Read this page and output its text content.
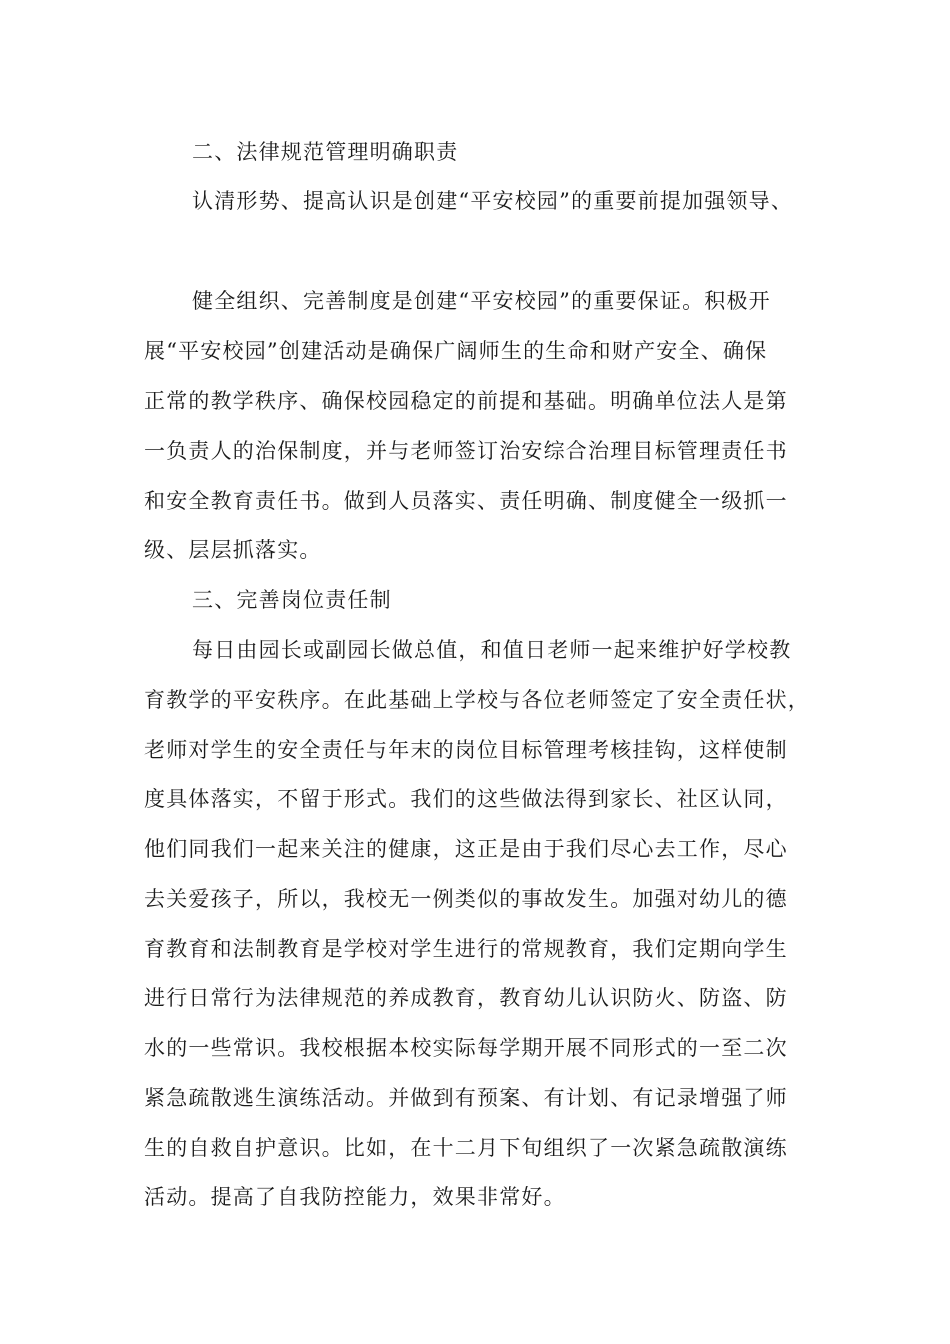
二、法律规范管理明确职责
认清形势、提高认识是创建“平安校园”的重要前提加强领导、
健全组织、完善制度是创建“平安校园”的重要保证。积极开
展“平安校园”创建活动是确保广阔师生的生命和财产安全、确保
正常的教学秩序、确保校园稳定的前提和基础。明确单位法人是第
一负责人的治保制度，并与老师签订治安综合治理目标管理责任书
和安全教育责任书。做到人员落实、责任明确、制度健全一级抓一
级、层层抓落实。
三、完善岗位责任制
每日由园长或副园长做总值，和值日老师一起来维护好学校教
育教学的平安秩序。在此基础上学校与各位老师签定了安全责任状，
老师对学生的安全责任与年末的岗位目标管理考核挂钩，这样使制
度具体落实，不留于形式。我们的这些做法得到家长、社区认同，
他们同我们一起来关注的健康，这正是由于我们尽心去工作，尽心
去关爱孩子，所以，我校无一例类似的事故发生。加强对幼儿的德
育教育和法制教育是学校对学生进行的常规教育，我们定期向学生
进行日常行为法律规范的养成教育，教育幼儿认识防火、防盗、防
水的一些常识。我校根据本校实际每学期开展不同形式的一至二次
紧急疏散逃生演练活动。并做到有预案、有计划、有记录增强了师
生的自救自护意识。比如，在十二月下旬组织了一次紧急疏散演练
活动。提高了自我防控能力，效果非常好。
